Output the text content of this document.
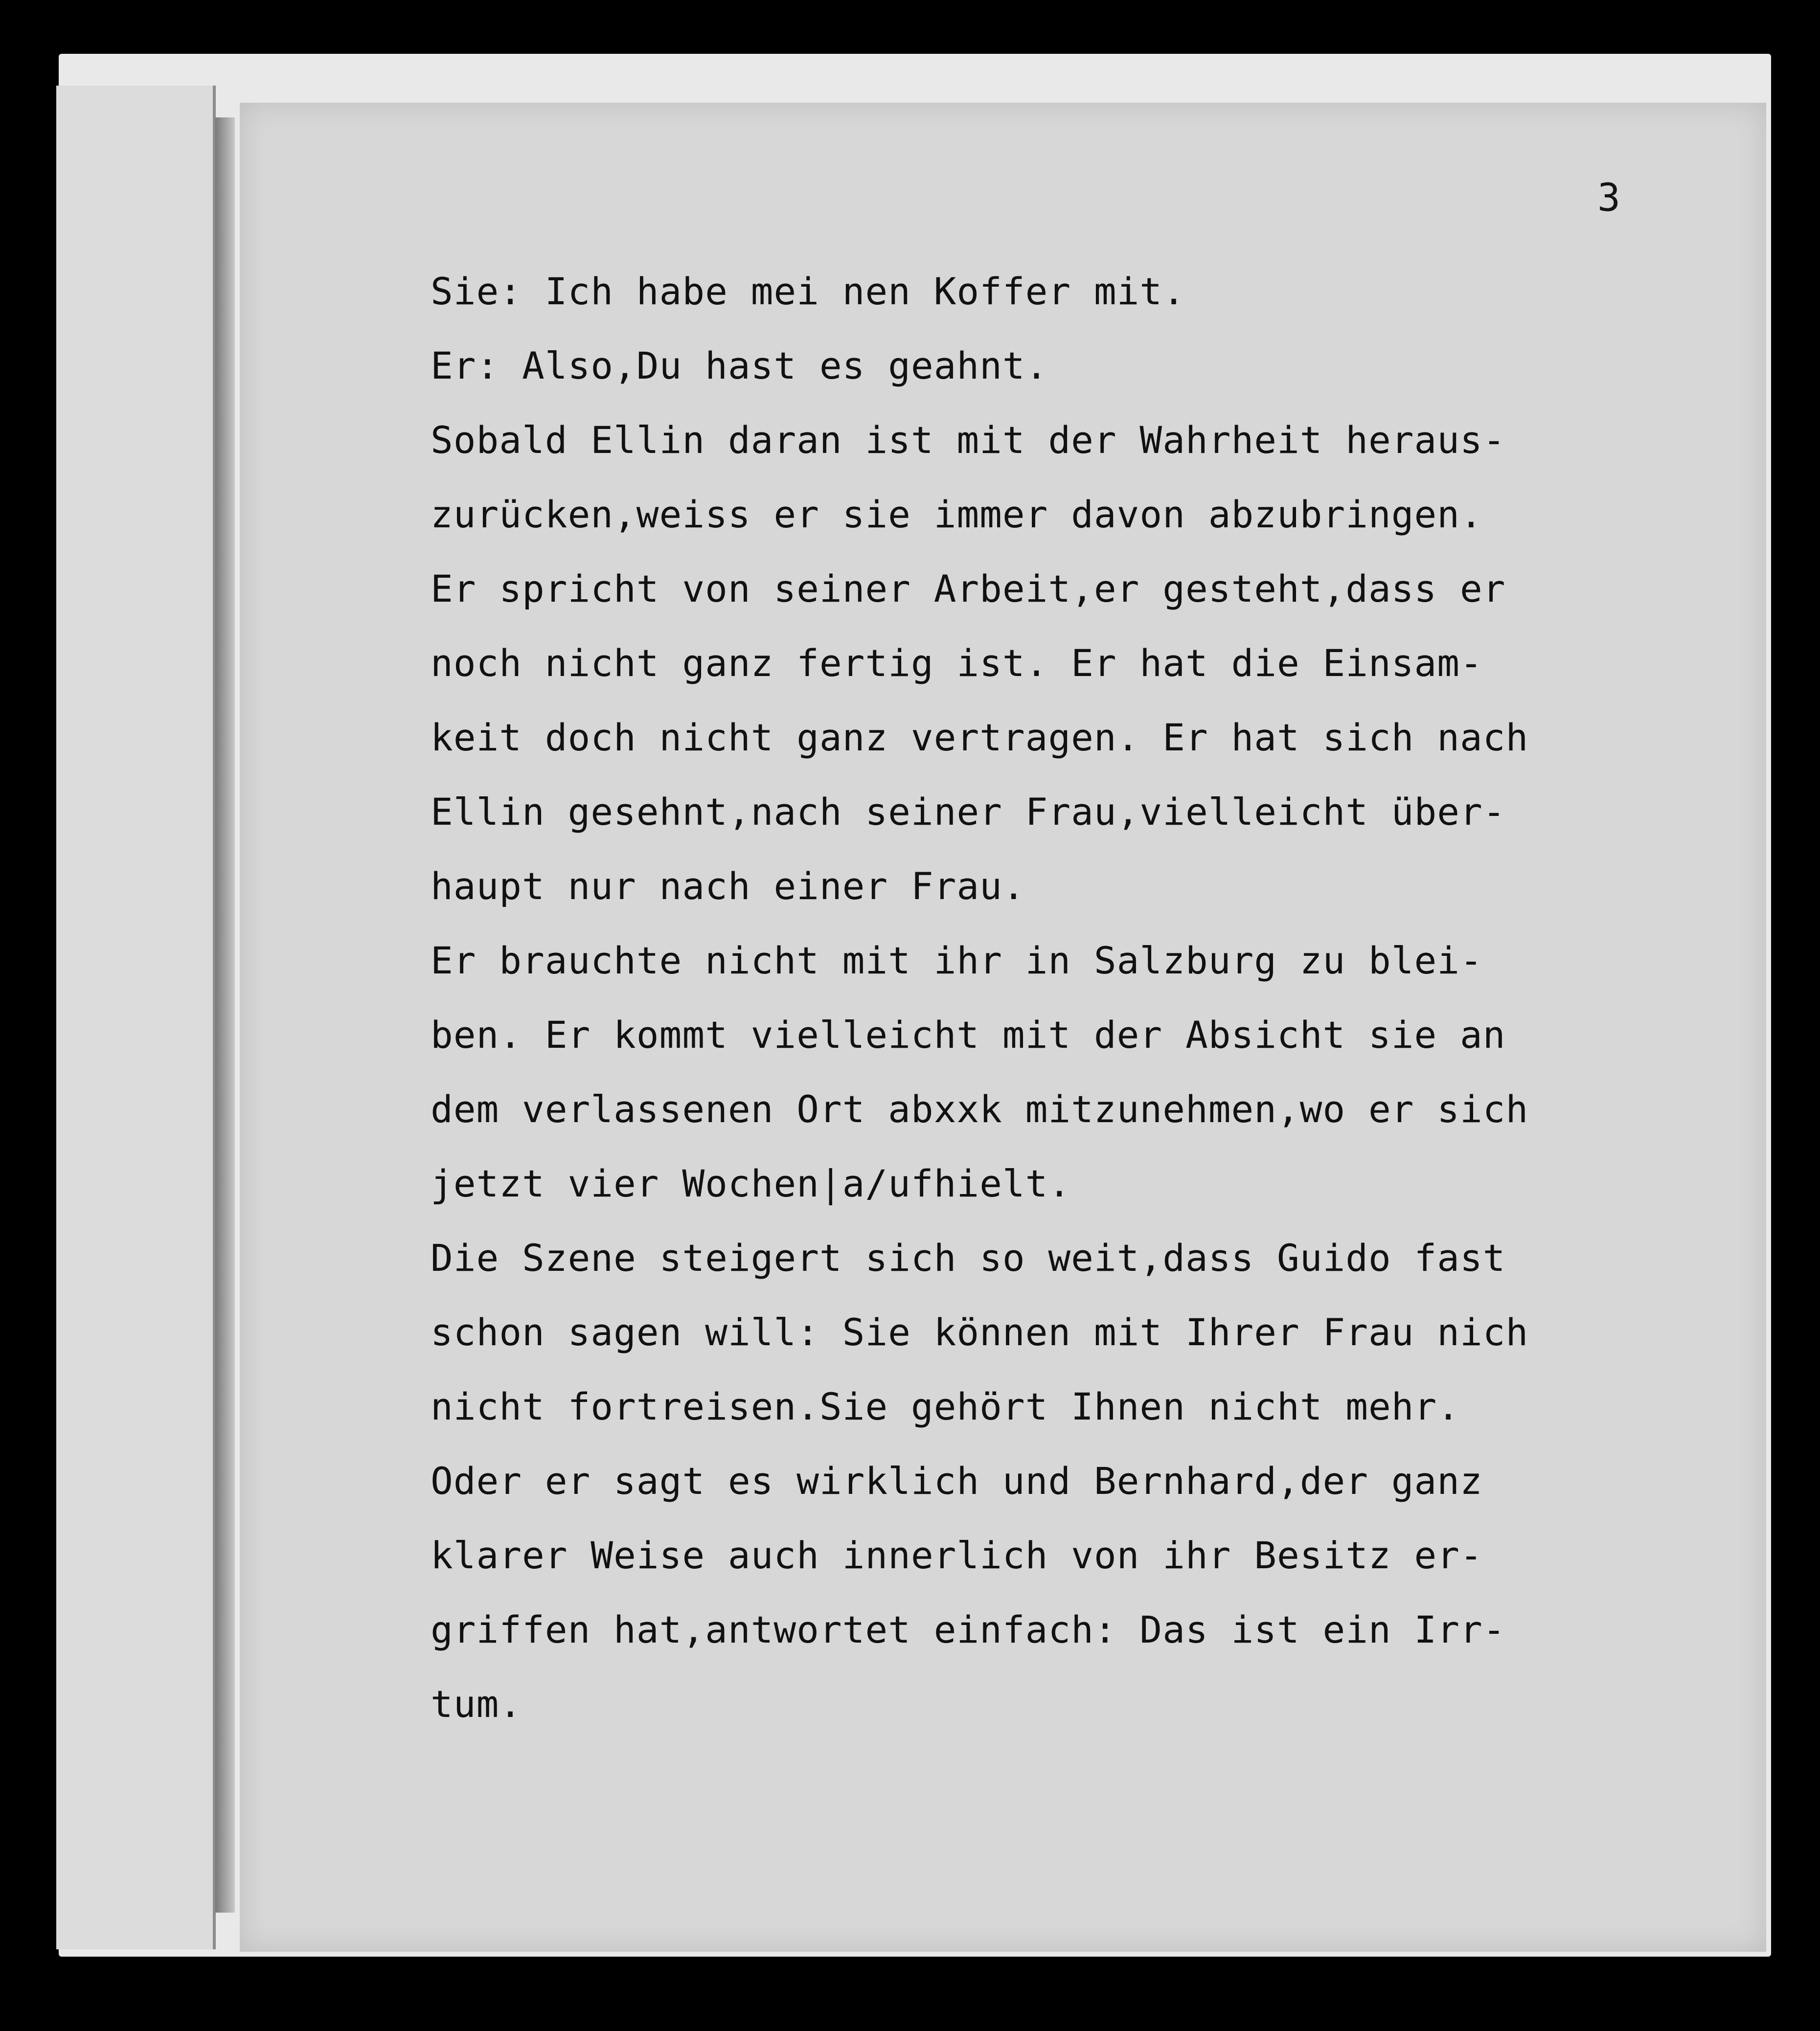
3
Sie: Ich habe mei nen Koffer mit.
Er: Also,Du hast es geahnt.
Sobald Ellin daran ist mit der Wahrheit heraus-
zurücken,weiss er sie immer davon abzubringen.
Er spricht von seiner Arbeit,er gesteht,dass er
noch nicht ganz fertig ist. Er hat die Einsam-
keit doch nicht ganz vertragen. Er hat sich nach
Ellin gesehnt,nach seiner Frau,vielleicht über-
haupt nur nach einer Frau.
Er brauchte nicht mit ihr in Salzburg zu blei-
ben. Er kommt vielleicht mit der Absicht sie an
dem verlassenen Ort abxxk mitzunehmen,wo er sich
jetzt vier Wochen|a/ufhielt.
Die Szene steigert sich so weit,dass Guido fast
schon sagen will: Sie können mit Ihrer Frau nich
nicht fortreisen.Sie gehört Ihnen nicht mehr.
Oder er sagt es wirklich und Bernhard,der ganz
klarer Weise auch innerlich von ihr Besitz er-
griffen hat,antwortet einfach: Das ist ein Irr-
tum.
